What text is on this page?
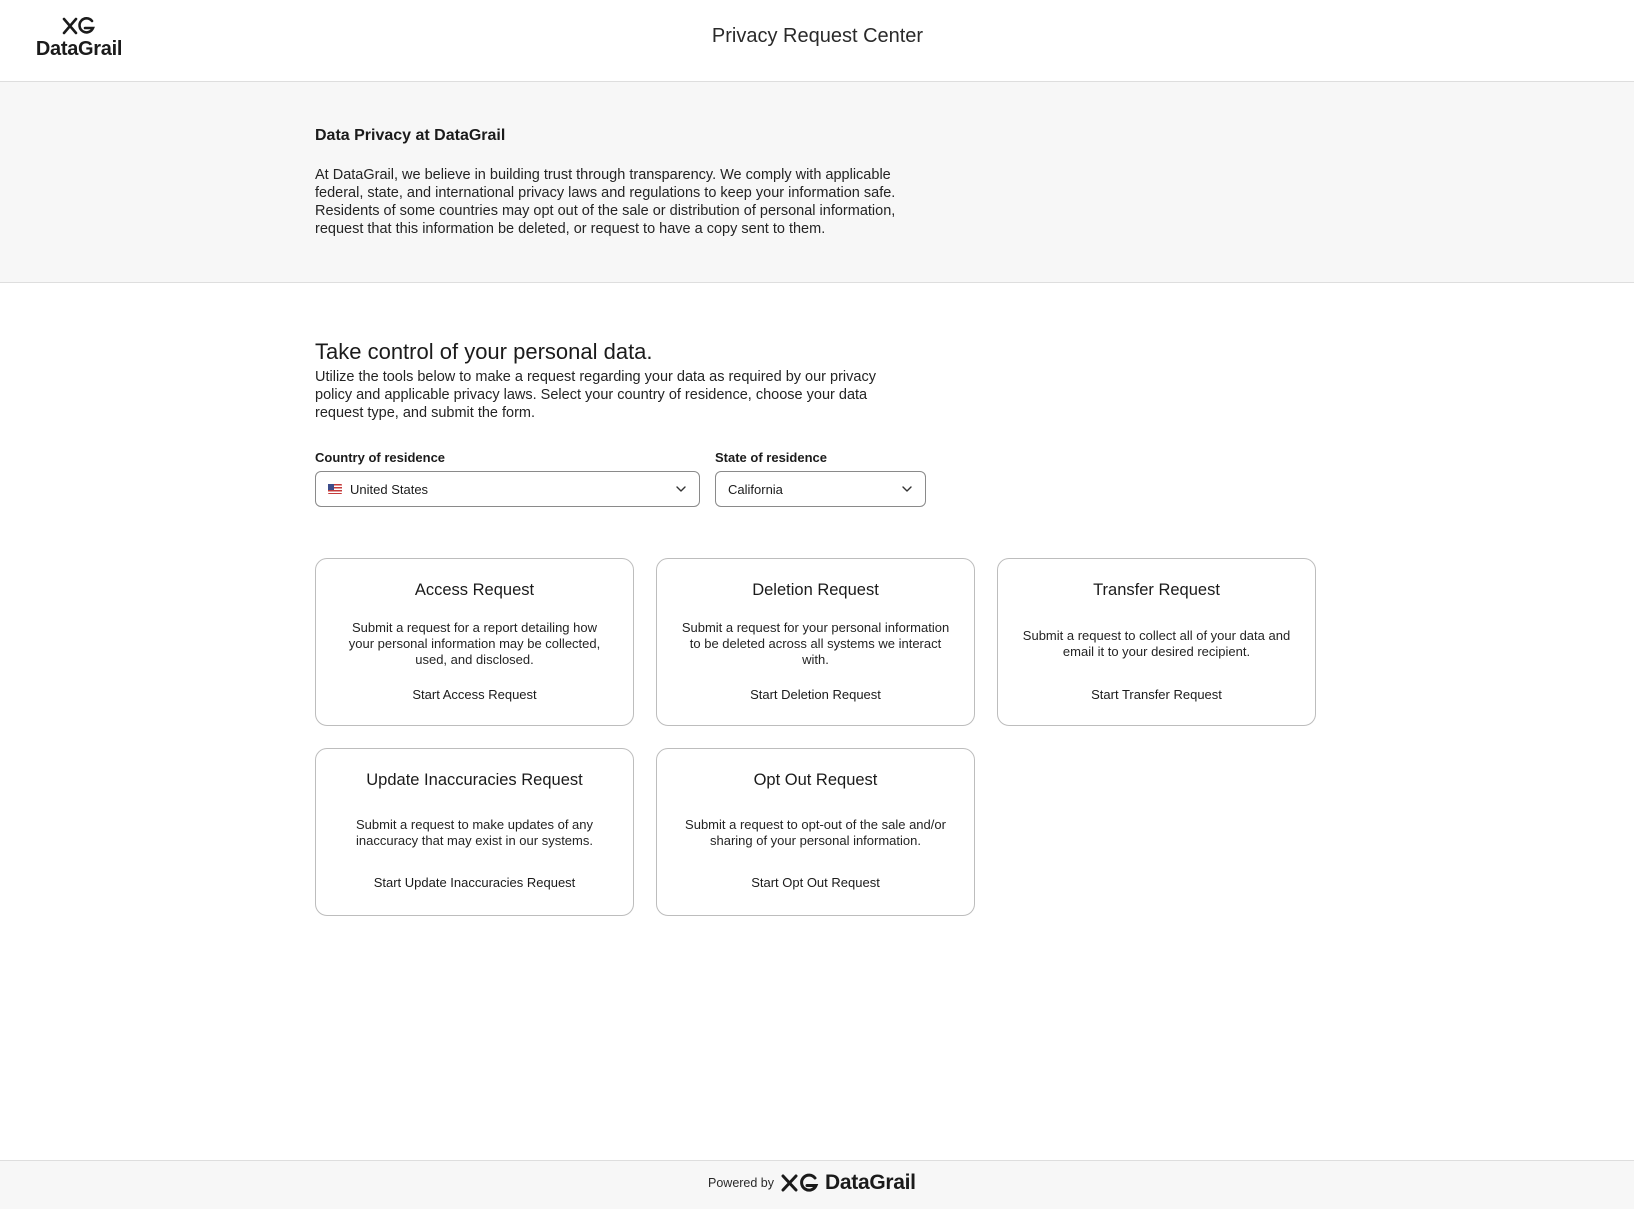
DataGrail
Privacy Request Center
Data Privacy at DataGrail
At DataGrail, we believe in building trust through transparency. We comply with applicable federal, state, and international privacy laws and regulations to keep your information safe. Residents of some countries may opt out of the sale or distribution of personal information, request that this information be deleted, or request to have a copy sent to them.
Take control of your personal data.
Utilize the tools below to make a request regarding your data as required by our privacy policy and applicable privacy laws. Select your country of residence, choose your data request type, and submit the form.
Country of residence
United States
State of residence
California
Access Request
Submit a request for a report detailing how your personal information may be collected, used, and disclosed.
Start Access Request
Deletion Request
Submit a request for your personal information to be deleted across all systems we interact with.
Start Deletion Request
Transfer Request
Submit a request to collect all of your data and email it to your desired recipient.
Start Transfer Request
Update Inaccuracies Request
Submit a request to make updates of any inaccuracy that may exist in our systems.
Start Update Inaccuracies Request
Opt Out Request
Submit a request to opt-out of the sale and/or sharing of your personal information.
Start Opt Out Request
Powered by DataGrail
